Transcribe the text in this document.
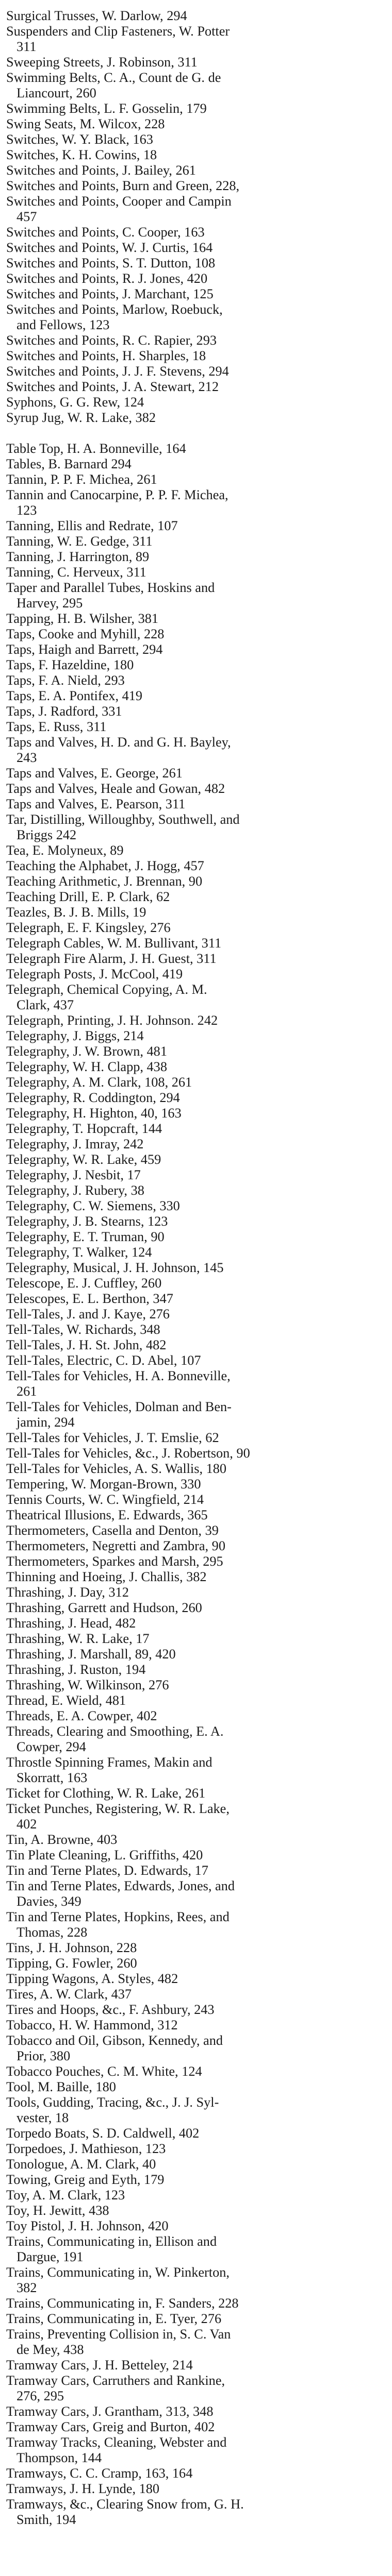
Surgical Trusses, W. Darlow, 294
Suspenders and Clip Fasteners, W. Potter
311
Sweeping Streets, J. Robinson, 311
Swimming Belts, C. A., Count de G. de
Liancourt, 260
Swimming Belts, L. F. Gosselin, 179
Swing Seats, M. Wilcox, 228
Switches, W. Y. Black, 163
Switches, K. H. Cowins, 18
Switches and Points, J. Bailey, 261
Switches and Points, Burn and Green, 228,
Switches and Points, Cooper and Campin
457
Switches and Points, C. Cooper, 163
Switches and Points, W. J. Curtis, 164
Switches and Points, S. T. Dutton, 108
Switches and Points, R. J. Jones, 420
Switches and Points, J. Marchant, 125
Switches and Points, Marlow, Roebuck,
and Fellows, 123
Switches and Points, R. C. Rapier, 293
Switches and Points, H. Sharples, 18
Switches and Points, J. J. F. Stevens, 294
Switches and Points, J. A. Stewart, 212
Syphons, G. G. Rew, 124
Syrup Jug, W. R. Lake, 382
Table Top, H. A. Bonneville, 164
Tables, B. Barnard 294
Tannin, P. P. F. Michea, 261
Tannin and Canocarpine, P. P. F. Michea,
123
Tanning, Ellis and Redrate, 107
Tanning, W. E. Gedge, 311
Tanning, J. Harrington, 89
Tanning, C. Herveux, 311
Taper and Parallel Tubes, Hoskins and
Harvey, 295
Tapping, H. B. Wilsher, 381
Taps, Cooke and Myhill, 228
Taps, Haigh and Barrett, 294
Taps, F. Hazeldine, 180
Taps, F. A. Nield, 293
Taps, E. A. Pontifex, 419
Taps, J. Radford, 331
Taps, E. Russ, 311
Taps and Valves, H. D. and G. H. Bayley,
243
Taps and Valves, E. George, 261
Taps and Valves, Heale and Gowan, 482
Taps and Valves, E. Pearson, 311
Tar, Distilling, Willoughby, Southwell, and
Briggs 242
Tea, E. Molyneux, 89
Teaching the Alphabet, J. Hogg, 457
Teaching Arithmetic, J. Brennan, 90
Teaching Drill, E. P. Clark, 62
Teazles, B. J. B. Mills, 19
Telegraph, E. F. Kingsley, 276
Telegraph Cables, W. M. Bullivant, 311
Telegraph Fire Alarm, J. H. Guest, 311
Telegraph Posts, J. McCool, 419
Telegraph, Chemical Copying, A. M.
Clark, 437
Telegraph, Printing, J. H. Johnson. 242
Telegraphy, J. Biggs, 214
Telegraphy, J. W. Brown, 481
Telegraphy, W. H. Clapp, 438
Telegraphy, A. M. Clark, 108, 261
Telegraphy, R. Coddington, 294
Telegraphy, H. Highton, 40, 163
Telegraphy, T. Hopcraft, 144
Telegraphy, J. Imray, 242
Telegraphy, W. R. Lake, 459
Telegraphy, J. Nesbit, 17
Telegraphy, J. Rubery, 38
Telegraphy, C. W. Siemens, 330
Telegraphy, J. B. Stearns, 123
Telegraphy, E. T. Truman, 90
Telegraphy, T. Walker, 124
Telegraphy, Musical, J. H. Johnson, 145
Telescope, E. J. Cuffley, 260
Telescopes, E. L. Berthon, 347
Tell-Tales, J. and J. Kaye, 276
Tell-Tales, W. Richards, 348
Tell-Tales, J. H. St. John, 482
Tell-Tales, Electric, C. D. Abel, 107
Tell-Tales for Vehicles, H. A. Bonneville,
261
Tell-Tales for Vehicles, Dolman and Ben-
jamin, 294
Tell-Tales for Vehicles, J. T. Emslie, 62
Tell-Tales for Vehicles, &c., J. Robertson, 90
Tell-Tales for Vehicles, A. S. Wallis, 180
Tempering, W. Morgan-Brown, 330
Tennis Courts, W. C. Wingfield, 214
Theatrical Illusions, E. Edwards, 365
Thermometers, Casella and Denton, 39
Thermometers, Negretti and Zambra, 90
Thermometers, Sparkes and Marsh, 295
Thinning and Hoeing, J. Challis, 382
Thrashing, J. Day, 312
Thrashing, Garrett and Hudson, 260
Thrashing, J. Head, 482
Thrashing, W. R. Lake, 17
Thrashing, J. Marshall, 89, 420
Thrashing, J. Ruston, 194
Thrashing, W. Wilkinson, 276
Thread, E. Wield, 481
Threads, E. A. Cowper, 402
Threads, Clearing and Smoothing, E. A.
Cowper, 294
Throstle Spinning Frames, Makin and
Skorratt, 163
Ticket for Clothing, W. R. Lake, 261
Ticket Punches, Registering, W. R. Lake,
402
Tin, A. Browne, 403
Tin Plate Cleaning, L. Griffiths, 420
Tin and Terne Plates, D. Edwards, 17
Tin and Terne Plates, Edwards, Jones, and
Davies, 349
Tin and Terne Plates, Hopkins, Rees, and
Thomas, 228
Tins, J. H. Johnson, 228
Tipping, G. Fowler, 260
Tipping Wagons, A. Styles, 482
Tires, A. W. Clark, 437
Tires and Hoops, &c., F. Ashbury, 243
Tobacco, H. W. Hammond, 312
Tobacco and Oil, Gibson, Kennedy, and
Prior, 380
Tobacco Pouches, C. M. White, 124
Tool, M. Baille, 180
Tools, Gudding, Tracing, &c., J. J. Syl-
vester, 18
Torpedo Boats, S. D. Caldwell, 402
Torpedoes, J. Mathieson, 123
Tonologue, A. M. Clark, 40
Towing, Greig and Eyth, 179
Toy, A. M. Clark, 123
Toy, H. Jewitt, 438
Toy Pistol, J. H. Johnson, 420
Trains, Communicating in, Ellison and
Dargue, 191
Trains, Communicating in, W. Pinkerton,
382
Trains, Communicating in, F. Sanders, 228
Trains, Communicating in, E. Tyer, 276
Trains, Preventing Collision in, S. C. Van
de Mey, 438
Tramway Cars, J. H. Betteley, 214
Tramway Cars, Carruthers and Rankine,
276, 295
Tramway Cars, J. Grantham, 313, 348
Tramway Cars, Greig and Burton, 402
Tramway Tracks, Cleaning, Webster and
Thompson, 144
Tramways, C. C. Cramp, 163, 164
Tramways, J. H. Lynde, 180
Tramways, &c., Clearing Snow from, G. H.
Smith, 194
